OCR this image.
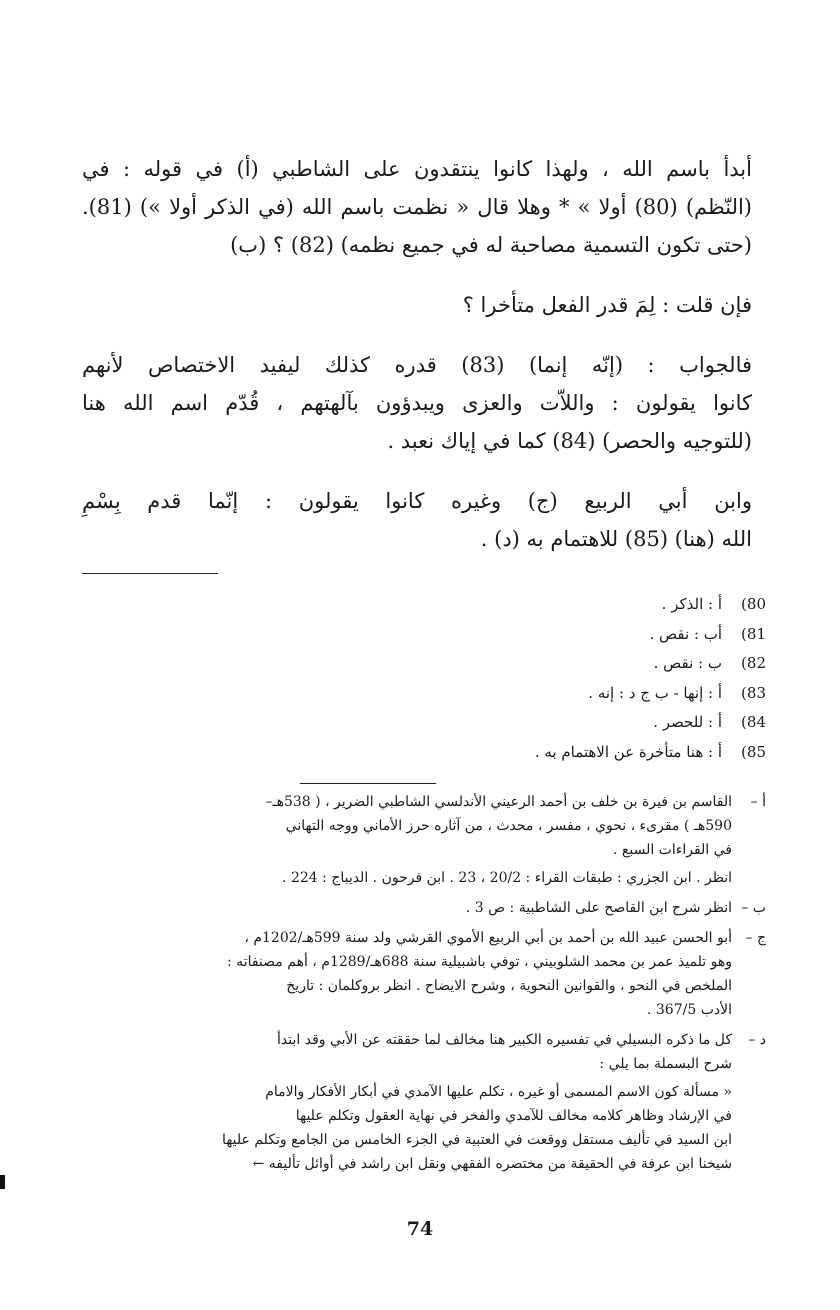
أبدأ باسم الله ، ولهذا كانوا ينتقدون على الشاطبي (أ) في قوله : في
(النّظم) (80) أولا » * وهلا قال « نظمت باسم الله (في الذكر أولا ») (81).
(حتى تكون التسمية مصاحبة له في جميع نظمه) (82) ؟ (ب)

فإن قلت : لِمَ قدر الفعل متأخرا ؟

فالجواب : (إنّه إنما) (83) قدره كذلك ليفيد الاختصاص لأنهم
كانوا يقولون : واللاّت والعزى ويبدؤون بآلهتهم ، قُدّم اسم الله هنا
(للتوجيه والحصر) (84) كما في إياك نعبد .

وابن أبي الربيع (ج) وغيره كانوا يقولون : إنّما قدم بِسْمِ
الله (هنا) (85) للاهتمام به (د) .

80)
أ : الذكر .
81)
أب : نقص .
82)
ب : نقص .
83)
أ : إنها - ب ج د : إنه .
84)
أ : للحصر .
85)
أ : هنا متأخرة عن الاهتمام به .
أ –
القاسم بن فيرة بن خلف بن أحمد الرعيني الأندلسي الشاطبي الضرير ، ( 538هـ–
590هـ ) مقرىء ، نحوي ، مفسر ، محدث ، من آثاره حرز الأماني ووجه التهاني
في القراءات السبع .
انظر . ابن الجزري : طبقات القراء : 20/2 ، 23 . ابن فرحون . الديباج : 224 .
ب –
انظر شرح ابن القاصح على الشاطبية : ص 3 .
ج –
أبو الحسن عبيد الله بن أحمد بن أبي الربيع الأموي القرشي ولد سنة 599هـ/1202م ،
وهو تلميذ عمر بن محمد الشلوبيني ، توفي باشبيلية سنة 688هـ/1289م ، أهم مصنفاته :
الملخص في النحو ، والقوانين النحوية ، وشرح الايضاح . انظر بروكلمان : تاريخ
الأدب 367/5 .
د –
كل ما ذكره البسيلي في تفسيره الكبير هنا مخالف لما حققته عن الأبي وقد ابتدأ
شرح البسملة بما يلي :
« مسألة كون الاسم المسمى أو غيره ، تكلم عليها الآمدي في أبكار الأفكار والامام
في الإرشاد وظاهر كلامه مخالف للآمدي والفخر في نهاية العقول وتكلم عليها
ابن السيد في تأليف مستقل ووقعت في العتبية في الجزء الخامس من الجامع وتكلم عليها
شيخنا ابن عرفة في الحقيقة من مختصره الفقهي ونقل ابن راشد في أوائل تأليفه ←
74
